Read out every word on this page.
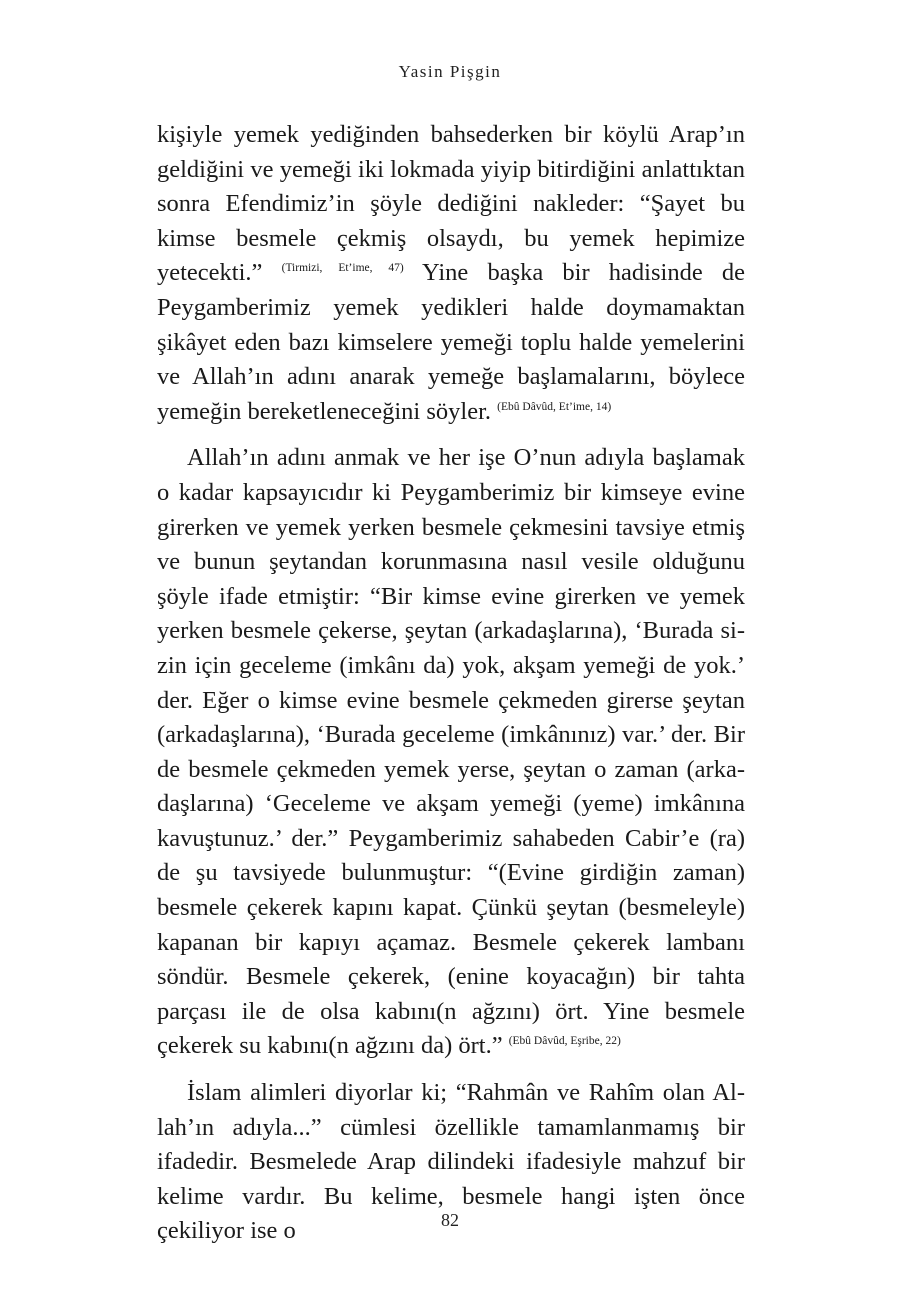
Yasin Pişgin

kişiyle yemek yediğinden bahsederken bir köylü Arap’ın geldiğini ve yemeği iki lokmada yiyip bitirdiğini anlattıktan sonra Efendimiz’in şöyle dediğini nakleder: “Şayet bu kimse besmele çekmiş olsaydı, bu yemek hepimize yetecekti.” $^{(Tirmizi, Et’ime, 47)}$ Yine başka bir hadisinde de Peygamberimiz yemek yedikleri halde doymamaktan şikâyet eden bazı kimselere yemeği toplu halde yemelerini ve Allah’ın adını anarak yemeğe başlamalarını, böylece yemeğin bereketleneceğini söyler. $^{(Ebû Dâvûd, Et’ime, 14)}$

Allah’ın adını anmak ve her işe O’nun adıyla başlamak o kadar kapsayıcıdır ki Peygamberimiz bir kimseye evine girerken ve yemek yerken besmele çekmesini tavsiye etmiş ve bunun şeytandan korunmasına nasıl vesile olduğunu şöyle ifade etmiştir: “Bir kimse evine girerken ve yemek yerken besmele çekerse, şeytan (arkadaşlarına), ‘Burada sizin için geceleme (imkânı da) yok, akşam yemeği de yok.’ der. Eğer o kimse evine besmele çekmeden girerse şeytan (arkadaşlarına), ‘Burada geceleme (imkânınız) var.’ der. Bir de besmele çekmeden yemek yerse, şeytan o zaman (arkadaşlarına) ‘Geceleme ve akşam yemeği (yeme) imkânına kavuştunuz.’ der.” Peygamberimiz sahabeden Cabir’e (ra) de şu tavsiyede bulunmuştur: “(Evine girdiğin zaman) besmele çekerek kapını kapat. Çünkü şeytan (besmeleyle) kapanan bir kapıyı açamaz. Besmele çekerek lambanı söndür. Besmele çekerek, (enine koyacağın) bir tahta parçası ile de olsa kabını(n ağzını) ört. Yine besmele çekerek su kabını(n ağzını da) ört.” $^{(Ebû Dâvûd, Eşribe, 22)}$

İslam alimleri diyorlar ki; “Rahmân ve Rahîm olan Allah’ın adıyla...” cümlesi özellikle tamamlanmamış bir ifadedir. Besmelede Arap dilindeki ifadesiyle mahzuf bir kelime vardır. Bu kelime, besmele hangi işten önce çekiliyor ise o	82
